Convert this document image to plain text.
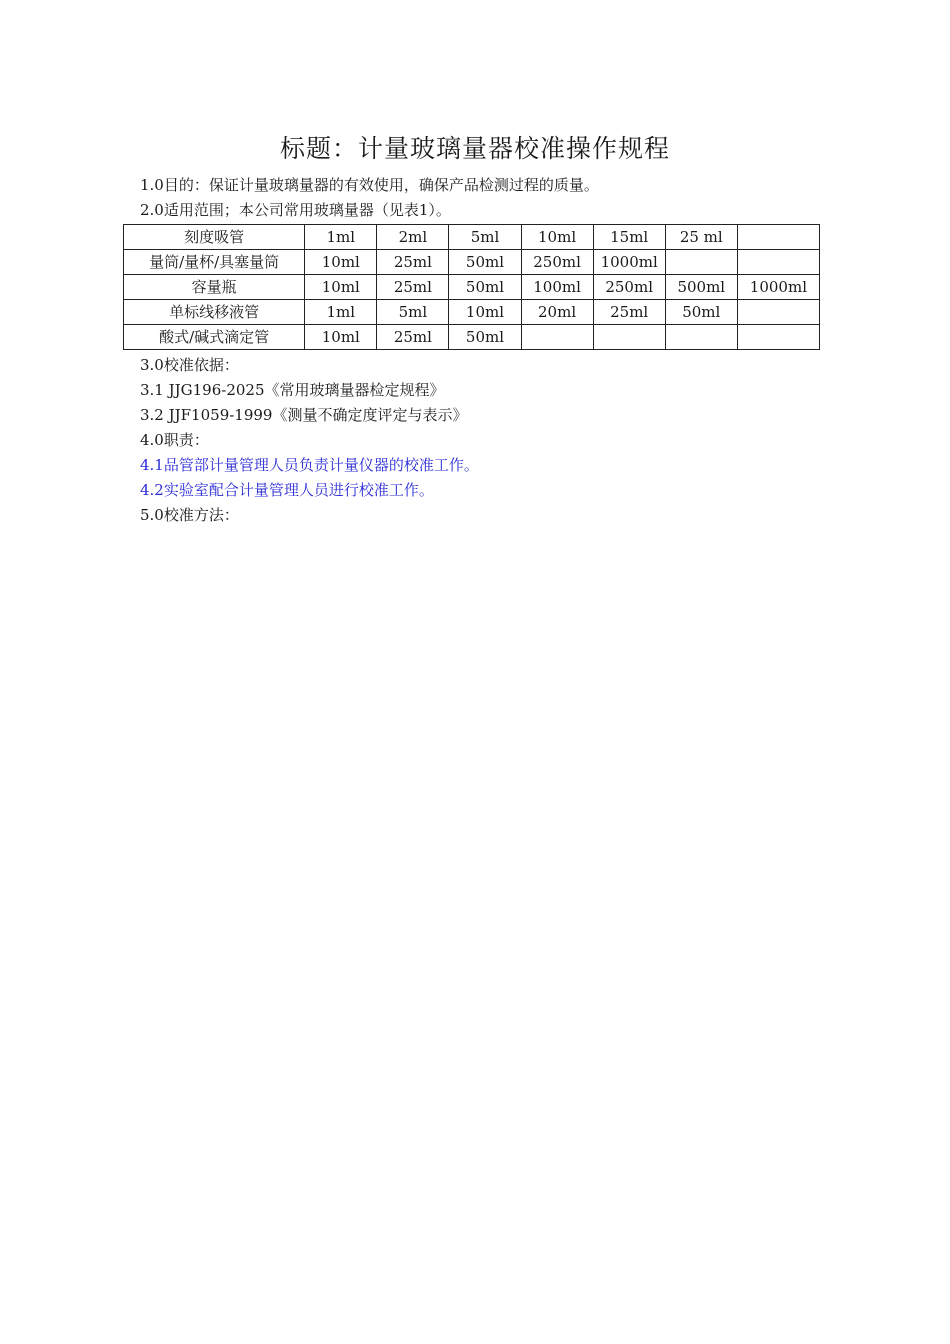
标题：计量玻璃量器校准操作规程
1.0目的：保证计量玻璃量器的有效使用，确保产品检测过程的质量。
2.0适用范围；本公司常用玻璃量器（见表1）。
刻度吸管	1ml	2ml	5ml	10ml	15ml	25 ml	
量筒/量杯/具塞量筒	10ml	25ml	50ml	250ml	1000ml		
容量瓶	10ml	25ml	50ml	100ml	250ml	500ml	1000ml
单标线移液管	1ml	5ml	10ml	20ml	25ml	50ml	
酸式/碱式滴定管	10ml	25ml	50ml				
3.0校准依据：
3.1 JJG196-2025《常用玻璃量器检定规程》
3.2 JJF1059-1999《测量不确定度评定与表示》
4.0职责：
4.1品管部计量管理人员负责计量仪器的校准工作。
4.2实验室配合计量管理人员进行校准工作。
5.0校准方法：
